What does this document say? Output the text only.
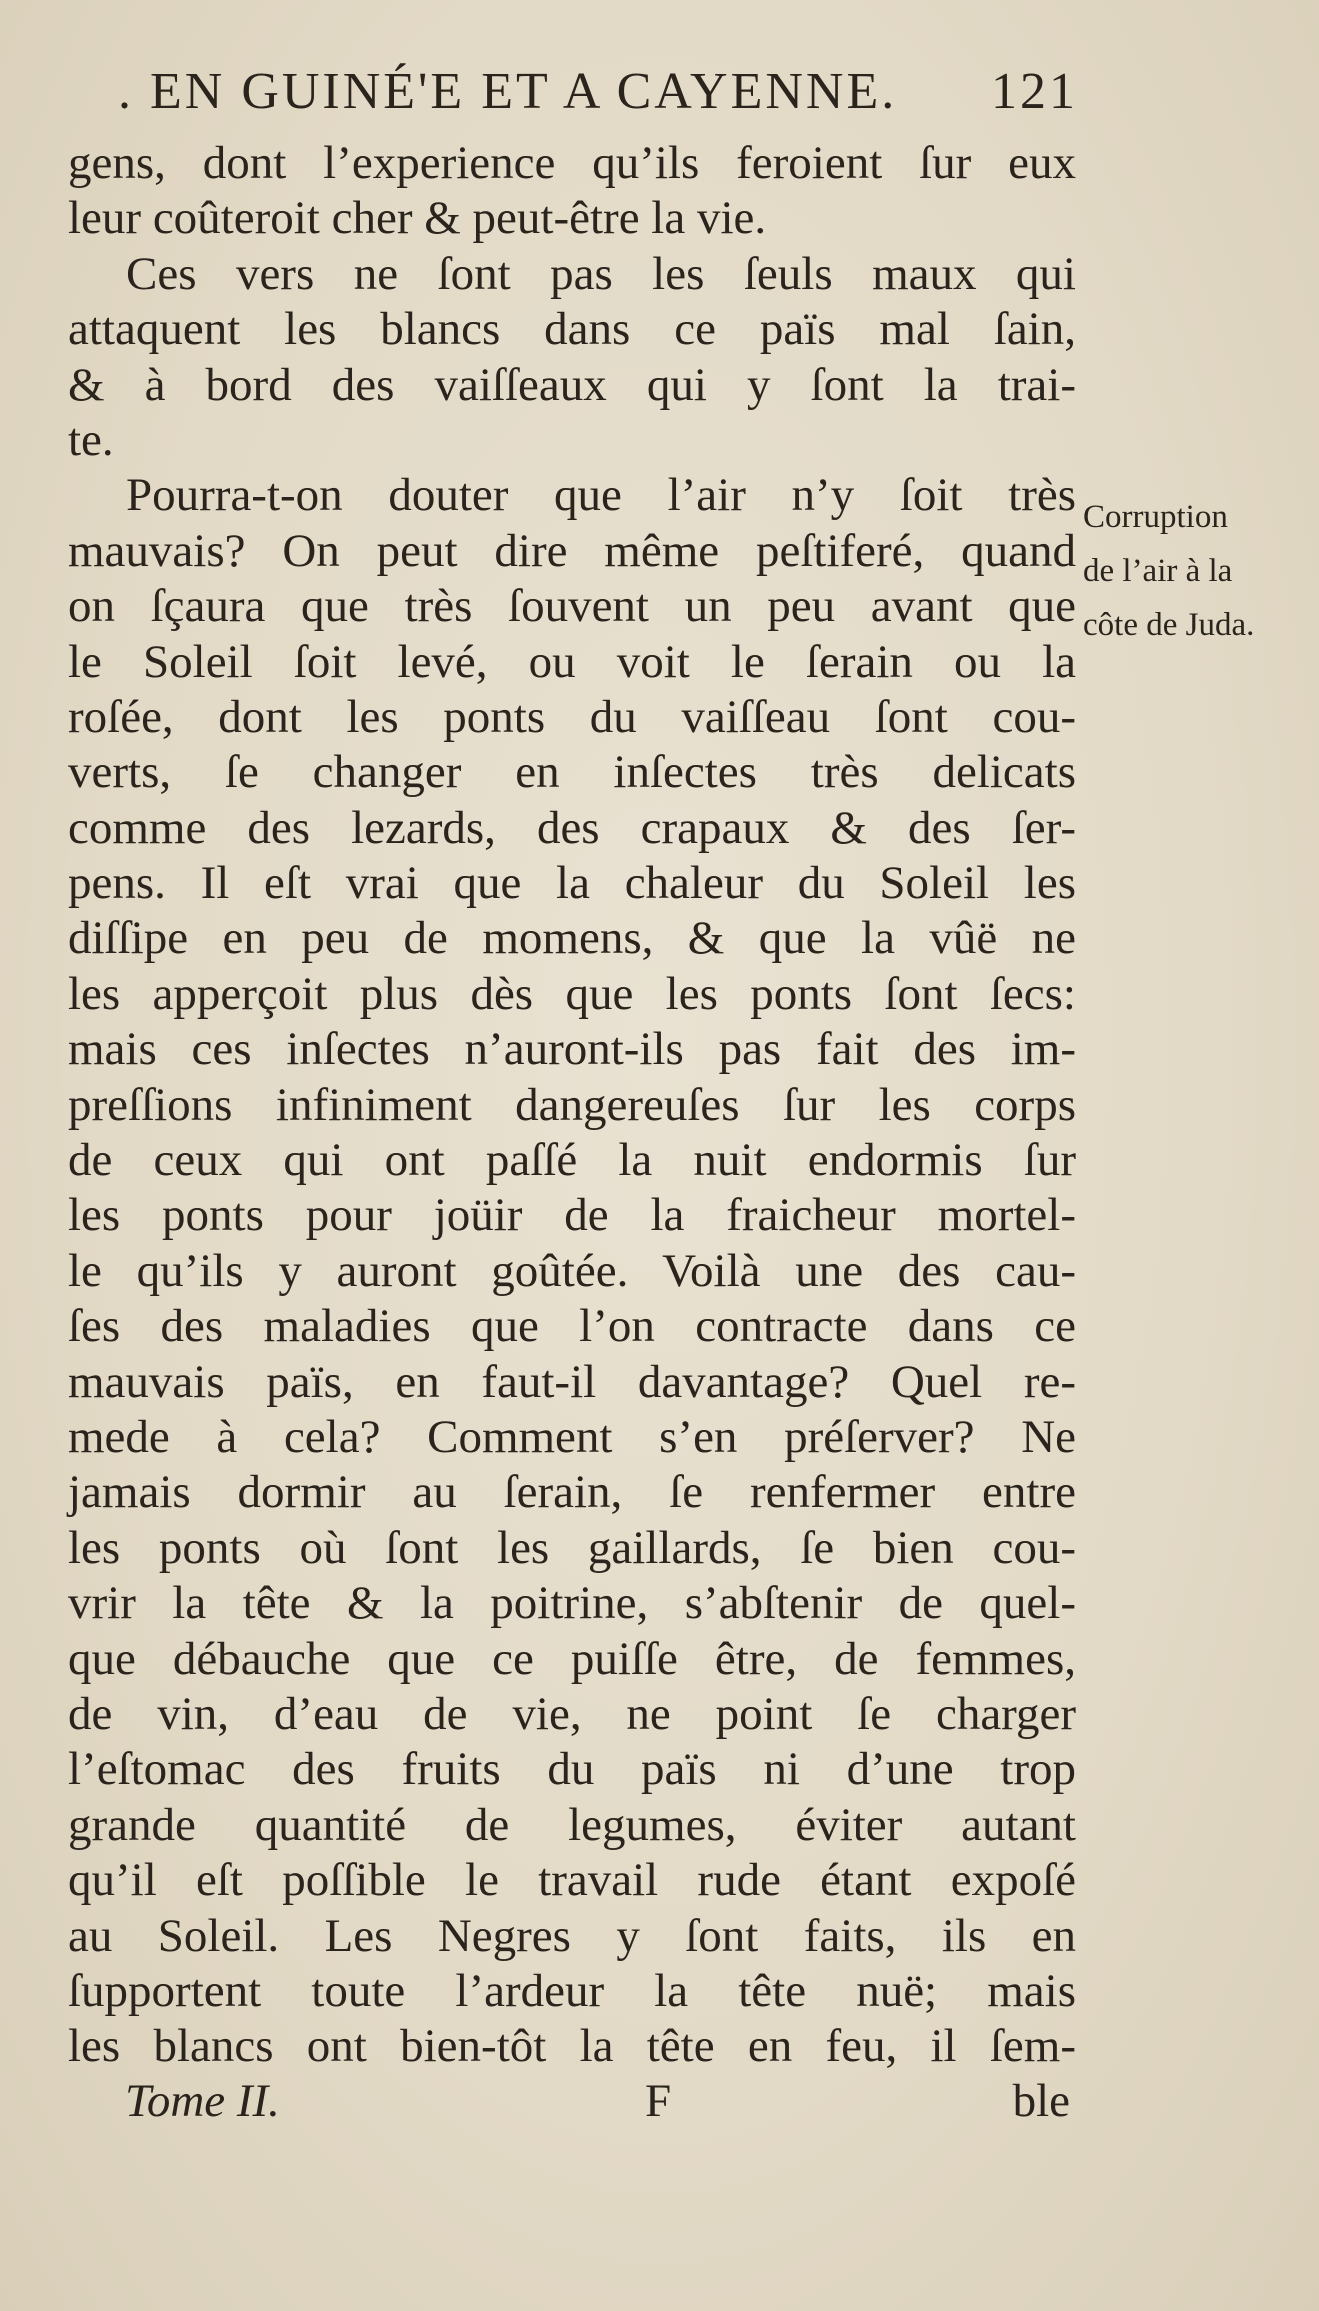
. EN GUINÉ'E ET A CAYENNE. 121
gens, dont l’experience qu’ils feroient ſur eux
leur coûteroit cher & peut-être la vie.
Ces vers ne ſont pas les ſeuls maux qui
attaquent les blancs dans ce païs mal ſain,
& à bord des vaiſſeaux qui y ſont la trai-
te.
Pourra-t-on douter que l’air n’y ſoit très
mauvais? On peut dire même peſtiferé, quand
on ſçaura que très ſouvent un peu avant que
le Soleil ſoit levé, ou voit le ſerain ou la
roſée, dont les ponts du vaiſſeau ſont cou-
verts, ſe changer en inſectes très delicats
comme des lezards, des crapaux & des ſer-
pens. Il eſt vrai que la chaleur du Soleil les
diſſipe en peu de momens, & que la vûë ne
les apperçoit plus dès que les ponts ſont ſecs:
mais ces inſectes n’auront-ils pas fait des im-
preſſions infiniment dangereuſes ſur les corps
de ceux qui ont paſſé la nuit endormis ſur
les ponts pour joüir de la fraicheur mortel-
le qu’ils y auront goûtée. Voilà une des cau-
ſes des maladies que l’on contracte dans ce
mauvais païs, en faut-il davantage? Quel re-
mede à cela? Comment s’en préſerver? Ne
jamais dormir au ſerain, ſe renfermer entre
les ponts où ſont les gaillards, ſe bien cou-
vrir la tête & la poitrine, s’abſtenir de quel-
que débauche que ce puiſſe être, de femmes,
de vin, d’eau de vie, ne point ſe charger
l’eſtomac des fruits du païs ni d’une trop
grande quantité de legumes, éviter autant
qu’il eſt poſſible le travail rude étant expoſé
au Soleil. Les Negres y ſont faits, ils en
ſupportent toute l’ardeur la tête nuë; mais
les blancs ont bien-tôt la tête en feu, il ſem-
Corruption
de l’air à la
côte de Juda.
Tome II.	F	ble
